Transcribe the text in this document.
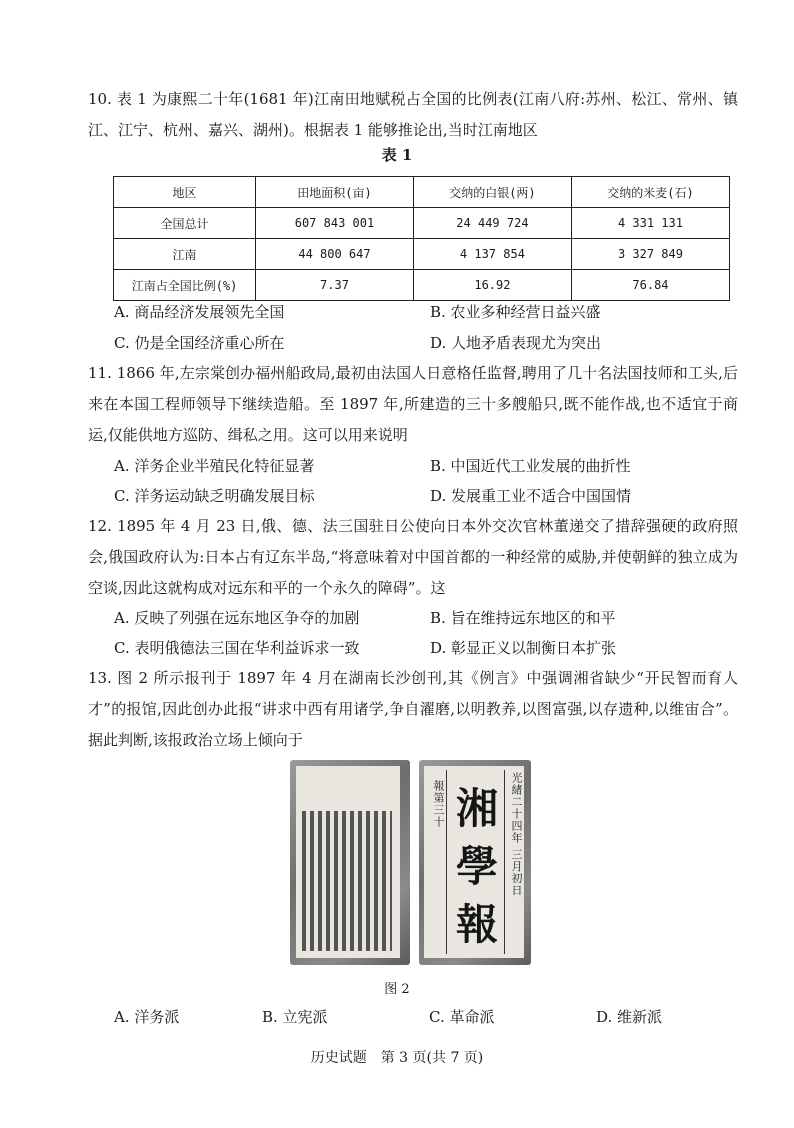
10. 表 1 为康熙二十年(1681 年)江南田地赋税占全国的比例表(江南八府:苏州、松江、常州、镇江、江宁、杭州、嘉兴、湖州)。根据表 1 能够推论出,当时江南地区
表 1
地区	田地面积(亩)	交纳的白银(两)	交纳的米麦(石)
全国总计	607 843 001	24 449 724	4 331 131
江南	44 800 647	4 137 854	3 327 849
江南占全国比例(%)	7.37	16.92	76.84
A. 商品经济发展领先全国	B. 农业多种经营日益兴盛
C. 仍是全国经济重心所在	D. 人地矛盾表现尤为突出
11. 1866 年,左宗棠创办福州船政局,最初由法国人日意格任监督,聘用了几十名法国技师和工头,后来在本国工程师领导下继续造船。至 1897 年,所建造的三十多艘船只,既不能作战,也不适宜于商运,仅能供地方巡防、缉私之用。这可以用来说明
A. 洋务企业半殖民化特征显著	B. 中国近代工业发展的曲折性
C. 洋务运动缺乏明确发展目标	D. 发展重工业不适合中国国情
12. 1895 年 4 月 23 日,俄、德、法三国驻日公使向日本外交次官林董递交了措辞强硬的政府照会,俄国政府认为:日本占有辽东半岛,“将意味着对中国首都的一种经常的威胁,并使朝鲜的独立成为空谈,因此这就构成对远东和平的一个永久的障碍”。这
A. 反映了列强在远东地区争夺的加剧	B. 旨在维持远东地区的和平
C. 表明俄德法三国在华利益诉求一致	D. 彰显正义以制衡日本扩张
13. 图 2 所示报刊于 1897 年 4 月在湖南长沙创刊,其《例言》中强调湘省缺少“开民智而育人才”的报馆,因此创办此报“讲求中西有用诸学,争自濯磨,以明教养,以图富强,以存遗种,以维宙合”。据此判断,该报政治立场上倾向于
報第三十	光緒二十四年 三月初日
湘
學
報
图 2
A. 洋务派	B. 立宪派	C. 革命派	D. 维新派
历史试题　第 3 页(共 7 页)
